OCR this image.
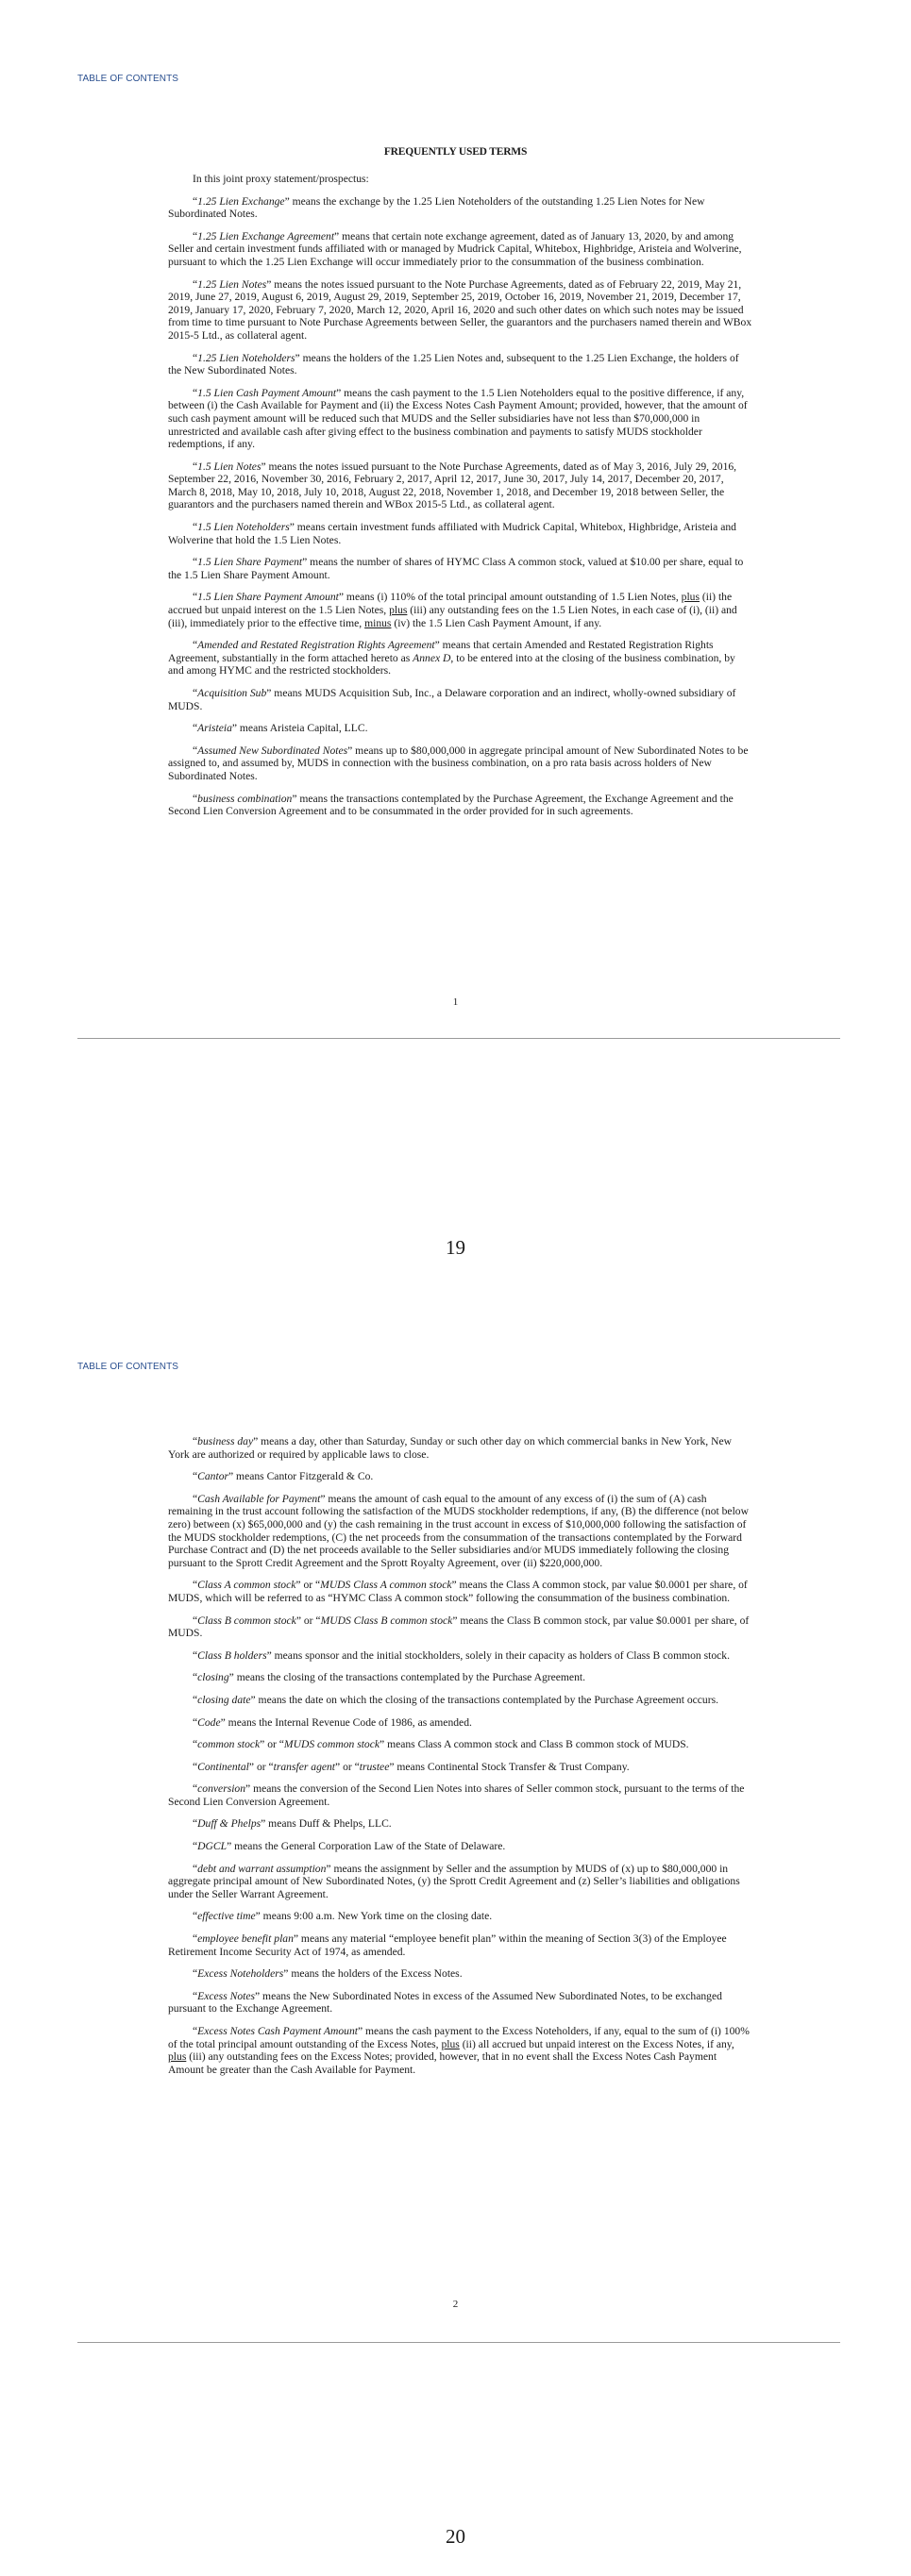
TABLE OF CONTENTS
FREQUENTLY USED TERMS

In this joint proxy statement/prospectus:

“1.25 Lien Exchange” means the exchange by the 1.25 Lien Noteholders of the outstanding 1.25 Lien Notes for New Subordinated Notes.

“1.25 Lien Exchange Agreement” means that certain note exchange agreement, dated as of January 13, 2020, by and among Seller and certain investment funds affiliated with or managed by Mudrick Capital, Whitebox, Highbridge, Aristeia and Wolverine, pursuant to which the 1.25 Lien Exchange will occur immediately prior to the consummation of the business combination.

“1.25 Lien Notes” means the notes issued pursuant to the Note Purchase Agreements, dated as of February 22, 2019, May 21, 2019, June 27, 2019, August 6, 2019, August 29, 2019, September 25, 2019, October 16, 2019, November 21, 2019, December 17, 2019, January 17, 2020, February 7, 2020, March 12, 2020, April 16, 2020 and such other dates on which such notes may be issued from time to time pursuant to Note Purchase Agreements between Seller, the guarantors and the purchasers named therein and WBox 2015-5 Ltd., as collateral agent.

“1.25 Lien Noteholders” means the holders of the 1.25 Lien Notes and, subsequent to the 1.25 Lien Exchange, the holders of the New Subordinated Notes.

“1.5 Lien Cash Payment Amount” means the cash payment to the 1.5 Lien Noteholders equal to the positive difference, if any, between (i) the Cash Available for Payment and (ii) the Excess Notes Cash Payment Amount; provided, however, that the amount of such cash payment amount will be reduced such that MUDS and the Seller subsidiaries have not less than $70,000,000 in unrestricted and available cash after giving effect to the business combination and payments to satisfy MUDS stockholder redemptions, if any.

“1.5 Lien Notes” means the notes issued pursuant to the Note Purchase Agreements, dated as of May 3, 2016, July 29, 2016, September 22, 2016, November 30, 2016, February 2, 2017, April 12, 2017, June 30, 2017, July 14, 2017, December 20, 2017, March 8, 2018, May 10, 2018, July 10, 2018, August 22, 2018, November 1, 2018, and December 19, 2018 between Seller, the guarantors and the purchasers named therein and WBox 2015-5 Ltd., as collateral agent.

“1.5 Lien Noteholders” means certain investment funds affiliated with Mudrick Capital, Whitebox, Highbridge, Aristeia and Wolverine that hold the 1.5 Lien Notes.

“1.5 Lien Share Payment” means the number of shares of HYMC Class A common stock, valued at $10.00 per share, equal to the 1.5 Lien Share Payment Amount.

“1.5 Lien Share Payment Amount” means (i) 110% of the total principal amount outstanding of 1.5 Lien Notes, plus (ii) the accrued but unpaid interest on the 1.5 Lien Notes, plus (iii) any outstanding fees on the 1.5 Lien Notes, in each case of (i), (ii) and (iii), immediately prior to the effective time, minus (iv) the 1.5 Lien Cash Payment Amount, if any.

“Amended and Restated Registration Rights Agreement” means that certain Amended and Restated Registration Rights Agreement, substantially in the form attached hereto as Annex D, to be entered into at the closing of the business combination, by and among HYMC and the restricted stockholders.

“Acquisition Sub” means MUDS Acquisition Sub, Inc., a Delaware corporation and an indirect, wholly-owned subsidiary of MUDS.

“Aristeia” means Aristeia Capital, LLC.

“Assumed New Subordinated Notes” means up to $80,000,000 in aggregate principal amount of New Subordinated Notes to be assigned to, and assumed by, MUDS in connection with the business combination, on a pro rata basis across holders of New Subordinated Notes.

“business combination” means the transactions contemplated by the Purchase Agreement, the Exchange Agreement and the Second Lien Conversion Agreement and to be consummated in the order provided for in such agreements.

1
19
TABLE OF CONTENTS

“business day” means a day, other than Saturday, Sunday or such other day on which commercial banks in New York, New York are authorized or required by applicable laws to close.

“Cantor” means Cantor Fitzgerald & Co.

“Cash Available for Payment” means the amount of cash equal to the amount of any excess of (i) the sum of (A) cash remaining in the trust account following the satisfaction of the MUDS stockholder redemptions, if any, (B) the difference (not below zero) between (x) $65,000,000 and (y) the cash remaining in the trust account in excess of $10,000,000 following the satisfaction of the MUDS stockholder redemptions, (C) the net proceeds from the consummation of the transactions contemplated by the Forward Purchase Contract and (D) the net proceeds available to the Seller subsidiaries and/or MUDS immediately following the closing pursuant to the Sprott Credit Agreement and the Sprott Royalty Agreement, over (ii) $220,000,000.

“Class A common stock” or “MUDS Class A common stock” means the Class A common stock, par value $0.0001 per share, of MUDS, which will be referred to as “HYMC Class A common stock” following the consummation of the business combination.

“Class B common stock” or “MUDS Class B common stock” means the Class B common stock, par value $0.0001 per share, of MUDS.

“Class B holders” means sponsor and the initial stockholders, solely in their capacity as holders of Class B common stock.

“closing” means the closing of the transactions contemplated by the Purchase Agreement.

“closing date” means the date on which the closing of the transactions contemplated by the Purchase Agreement occurs.

“Code” means the Internal Revenue Code of 1986, as amended.

“common stock” or “MUDS common stock” means Class A common stock and Class B common stock of MUDS.

“Continental” or “transfer agent” or “trustee” means Continental Stock Transfer & Trust Company.

“conversion” means the conversion of the Second Lien Notes into shares of Seller common stock, pursuant to the terms of the Second Lien Conversion Agreement.

“Duff & Phelps” means Duff & Phelps, LLC.

“DGCL” means the General Corporation Law of the State of Delaware.

“debt and warrant assumption” means the assignment by Seller and the assumption by MUDS of (x) up to $80,000,000 in aggregate principal amount of New Subordinated Notes, (y) the Sprott Credit Agreement and (z) Seller’s liabilities and obligations under the Seller Warrant Agreement.

“effective time” means 9:00 a.m. New York time on the closing date.

“employee benefit plan” means any material “employee benefit plan” within the meaning of Section 3(3) of the Employee Retirement Income Security Act of 1974, as amended.

“Excess Noteholders” means the holders of the Excess Notes.

“Excess Notes” means the New Subordinated Notes in excess of the Assumed New Subordinated Notes, to be exchanged pursuant to the Exchange Agreement.

“Excess Notes Cash Payment Amount” means the cash payment to the Excess Noteholders, if any, equal to the sum of (i) 100% of the total principal amount outstanding of the Excess Notes, plus (ii) all accrued but unpaid interest on the Excess Notes, if any, plus (iii) any outstanding fees on the Excess Notes; provided, however, that in no event shall the Excess Notes Cash Payment Amount be greater than the Cash Available for Payment.

2
20
